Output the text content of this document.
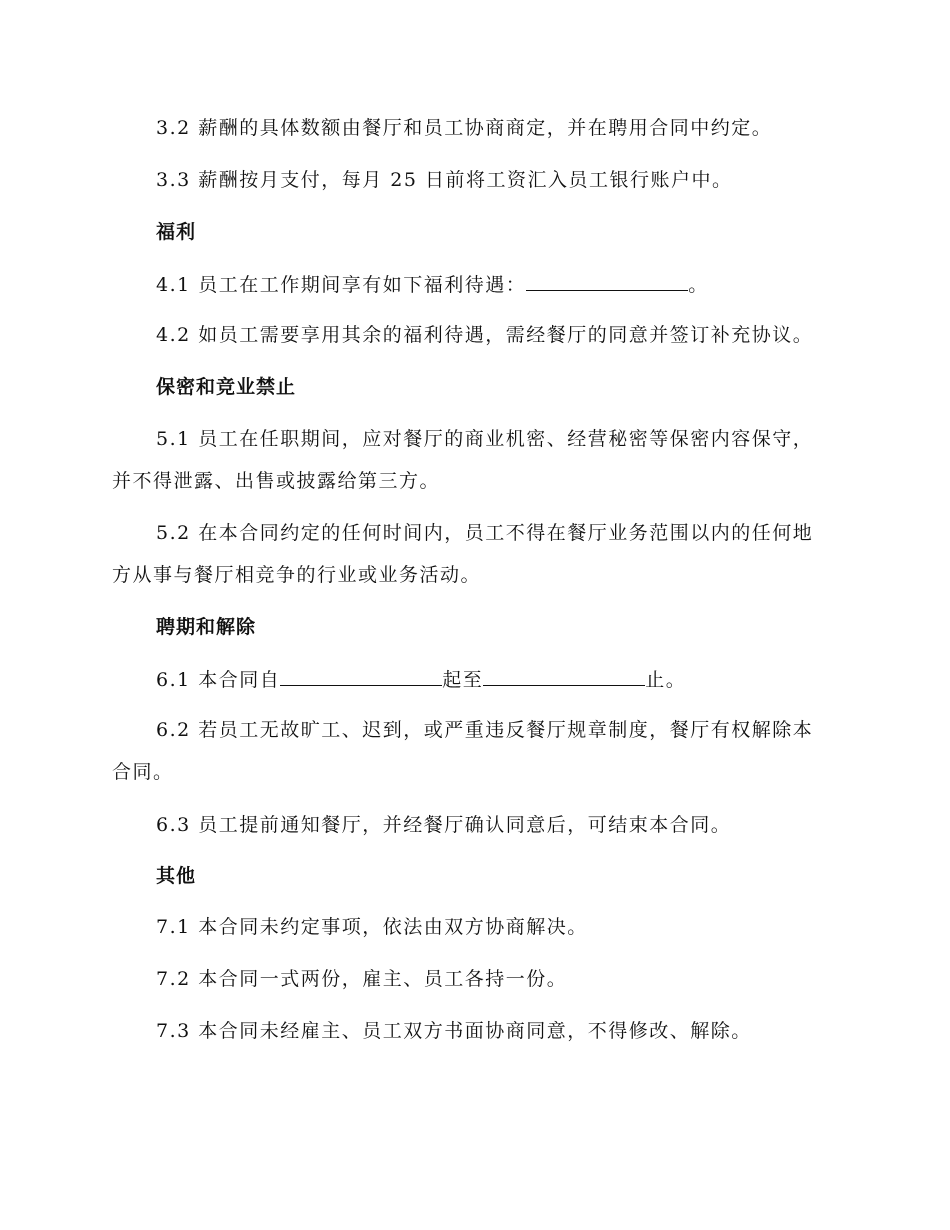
3.2 薪酬的具体数额由餐厅和员工协商商定，并在聘用合同中约定。
3.3 薪酬按月支付，每月 25 日前将工资汇入员工银行账户中。
福利
4.1 员工在工作期间享有如下福利待遇：	。
4.2 如员工需要享用其余的福利待遇，需经餐厅的同意并签订补充协议。
保密和竞业禁止
5.1 员工在任职期间，应对餐厅的商业机密、经营秘密等保密内容保守，
并不得泄露、出售或披露给第三方。
5.2 在本合同约定的任何时间内，员工不得在餐厅业务范围以内的任何地
方从事与餐厅相竞争的行业或业务活动。
聘期和解除
6.1 本合同自	起至	止。
6.2 若员工无故旷工、迟到，或严重违反餐厅规章制度，餐厅有权解除本
合同。
6.3 员工提前通知餐厅，并经餐厅确认同意后，可结束本合同。
其他
7.1 本合同未约定事项，依法由双方协商解决。
7.2 本合同一式两份，雇主、员工各持一份。
7.3 本合同未经雇主、员工双方书面协商同意，不得修改、解除。
